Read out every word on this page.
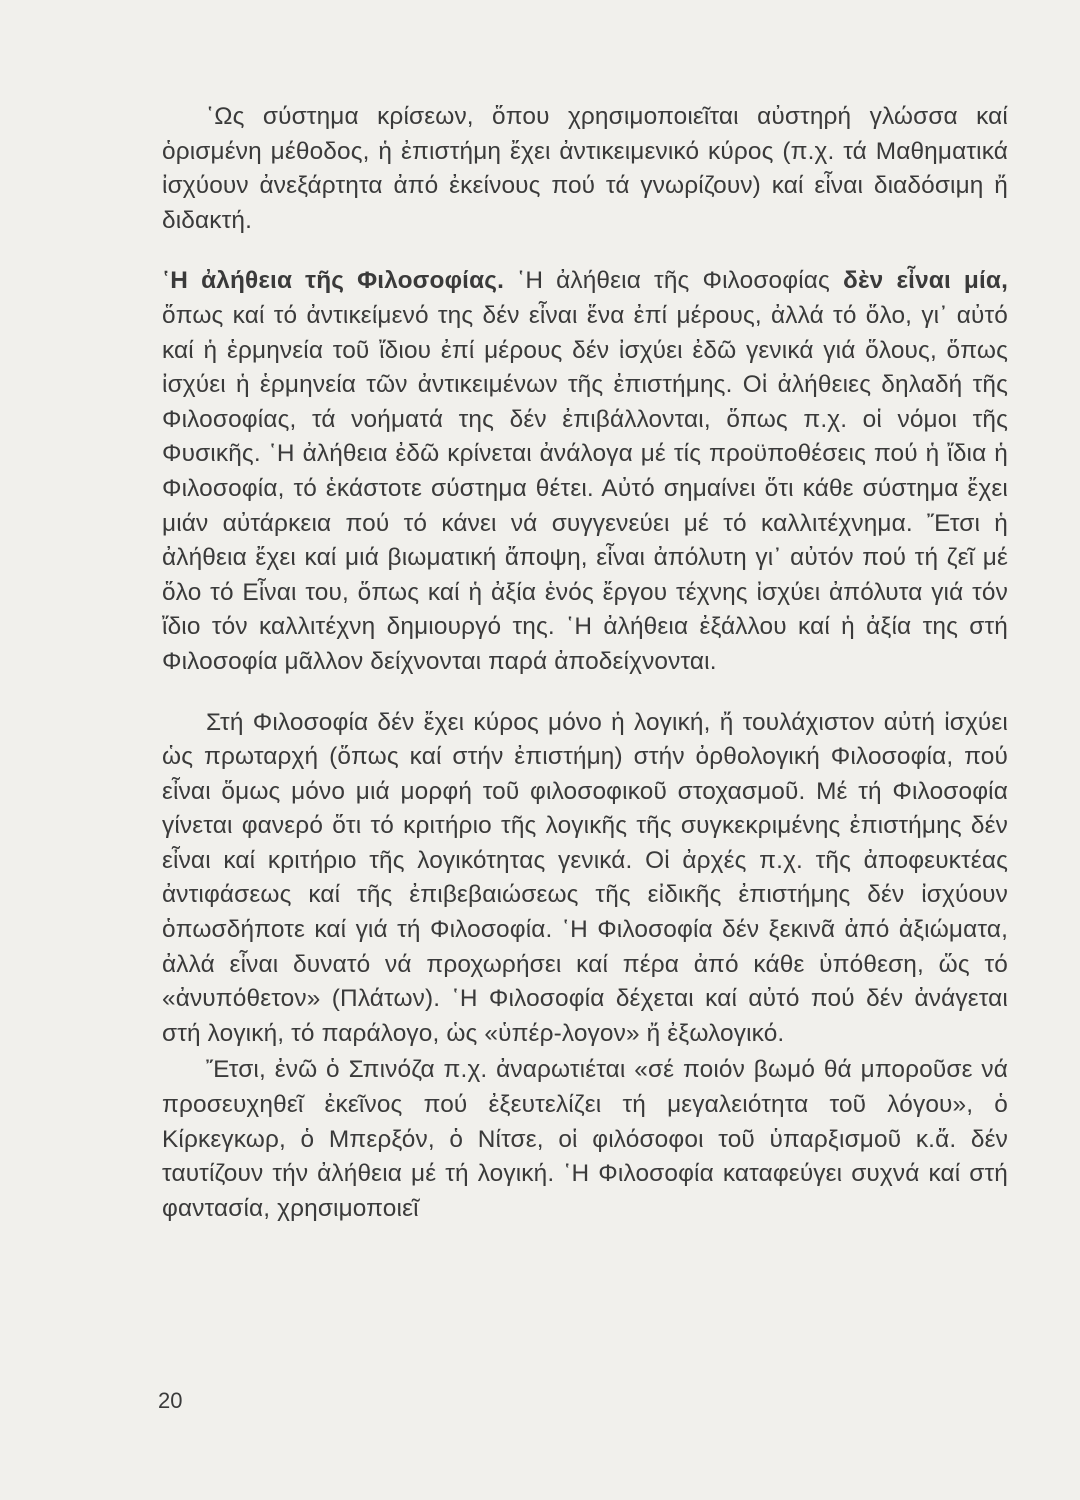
῾Ως σύστημα κρίσεων, ὅπου χρησιμοποιεῖται αὐστηρή γλώσσα καί ὁρισμένη μέθοδος, ἡ ἐπιστήμη ἔχει ἀντικειμενικό κύρος (π.χ. τά Μαθηματικά ἰσχύουν ἀνεξάρτητα ἀπό ἐκείνους πού τά γνωρίζουν) καί εἶναι διαδόσιμη ἤ διδακτή.

῾Η ἀλήθεια τῆς Φιλοσοφίας. ῾Η ἀλήθεια τῆς Φιλοσοφίας δὲν εἶναι μία, ὅπως καί τό ἀντικείμενό της δέν εἶναι ἕνα ἐπί μέρους, ἀλλά τό ὅλο, γι᾽ αὐτό καί ἡ ἑρμηνεία τοῦ ἴδιου ἐπί μέρους δέν ἰσχύει ἐδῶ γενικά γιά ὅλους, ὅπως ἰσχύει ἡ ἑρμηνεία τῶν ἀντικειμένων τῆς ἐπιστήμης. Οἱ ἀλήθειες δηλαδή τῆς Φιλοσοφίας, τά νοήματά της δέν ἐπιβάλλονται, ὅπως π.χ. οἱ νόμοι τῆς Φυσικῆς. ῾Η ἀλήθεια ἐδῶ κρίνεται ἀνάλογα μέ τίς προϋποθέσεις πού ἡ ἴδια ἡ Φιλοσοφία, τό ἑκάστοτε σύστημα θέτει. Αὐτό σημαίνει ὅτι κάθε σύστημα ἔχει μιάν αὐτάρκεια πού τό κάνει νά συγγενεύει μέ τό καλλιτέχνημα. Ἔτσι ἡ ἀλήθεια ἔχει καί μιά βιωματική ἄποψη, εἶναι ἀπόλυτη γι᾽ αὐτόν πού τή ζεῖ μέ ὅλο τό Εἶναι του, ὅπως καί ἡ ἀξία ἑνός ἔργου τέχνης ἰσχύει ἀπόλυτα γιά τόν ἴδιο τόν καλλιτέχνη δημιουργό της. ῾Η ἀλήθεια ἐξάλλου καί ἡ ἀξία της στή Φιλοσοφία μᾶλλον δείχνονται παρά ἀποδείχνονται.

Στή Φιλοσοφία δέν ἔχει κύρος μόνο ἡ λογική, ἤ τουλάχιστον αὐτή ἰσχύει ὡς πρωταρχή (ὅπως καί στήν ἐπιστήμη) στήν ὀρθολογική Φιλοσοφία, πού εἶναι ὅμως μόνο μιά μορφή τοῦ φιλοσοφικοῦ στοχασμοῦ. Μέ τή Φιλοσοφία γίνεται φανερό ὅτι τό κριτήριο τῆς λογικῆς τῆς συγκεκριμένης ἐπιστήμης δέν εἶναι καί κριτήριο τῆς λογικότητας γενικά. Οἱ ἀρχές π.χ. τῆς ἀποφευκτέας ἀντιφάσεως καί τῆς ἐπιβεβαιώσεως τῆς εἰδικῆς ἐπιστήμης δέν ἰσχύουν ὁπωσδήποτε καί γιά τή Φιλοσοφία. ῾Η Φιλοσοφία δέν ξεκινᾶ ἀπό ἀξιώματα, ἀλλά εἶναι δυνατό νά προχωρήσει καί πέρα ἀπό κάθε ὑπόθεση, ὥς τό «ἀνυπόθετον» (Πλάτων). ῾Η Φιλοσοφία δέχεται καί αὐτό πού δέν ἀνάγεται στή λογική, τό παράλογο, ὡς «ὑπέρ-λογον» ἤ ἐξωλογικό.

Ἔτσι, ἐνῶ ὁ Σπινόζα π.χ. ἀναρωτιέται «σέ ποιόν βωμό θά μποροῦσε νά προσευχηθεῖ ἐκεῖνος πού ἐξευτελίζει τή μεγαλειότητα τοῦ λόγου», ὁ Κίρκεγκωρ, ὁ Μπερξόν, ὁ Νίτσε, οἱ φιλόσοφοι τοῦ ὑπαρξισμοῦ κ.ἄ. δέν ταυτίζουν τήν ἀλήθεια μέ τή λογική. ῾Η Φιλοσοφία καταφεύγει συχνά καί στή φαντασία, χρησιμοποιεῖ

20
